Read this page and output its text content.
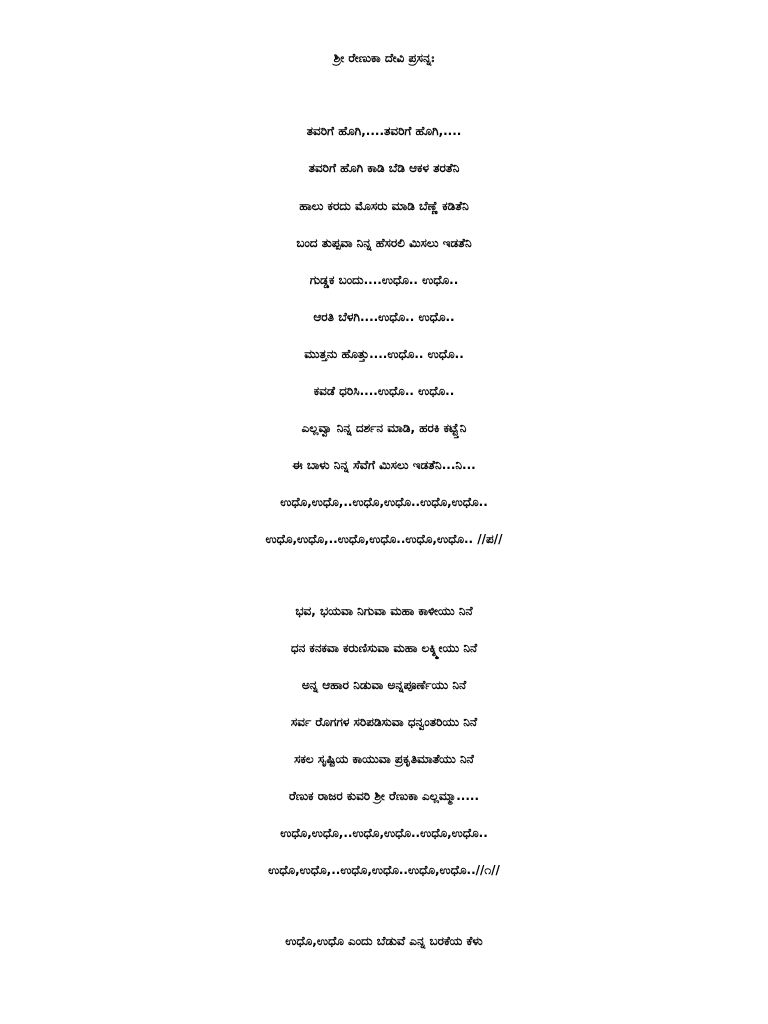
ಶ್ರೀ ರೇಣುಕಾ ದೇವಿ ಪ್ರಸನ್ನಃ
ತವರಿಗೆ ಹೊಗಿ,....ತವರಿಗೆ ಹೊಗಿ,....
ತವರಿಗೆ ಹೊಗಿ ಕಾಡಿ ಬೆಡಿ ಆಕಳ ತರತೆನಿ
ಹಾಲು ಕರದು ಮೊಸರು ಮಾಡಿ ಬೆಣ್ಣೆ ಕಡಿತೆನಿ
ಬಂದ ತುಪ್ಪವಾ ನಿನ್ನ ಹೆಸರಲಿ ಮಿಸಲು ಇಡತೆನಿ
ಗುಡ್ಡಕ ಬಂದು....ಉಧೊ.. ಉಧೊ..
ಆರತಿ ಬೆಳಗಿ....ಉಧೊ.. ಉಧೊ..
ಮುತ್ತನು ಹೊತ್ತು....ಉಧೊ.. ಉಧೊ..
ಕವಡೆ ಧರಿಸಿ....ಉಧೊ.. ಉಧೊ..
ಎಲ್ಲವ್ವಾ ನಿನ್ನ ದರ್ಶನ ಮಾಡಿ, ಹರಕಿ ಕಟ್ಟ್ತೆನಿ
ಈ ಬಾಳು ನಿನ್ನ ಸೆವೆಗೆ ಮಿಸಲು ಇಡತೆನಿ...ನಿ...
ಉಧೊ,ಉಧೊ,..ಉಧೊ,ಉಧೊ..ಉಧೊ,ಉಧೊ..
ಉಧೊ,ಉಧೊ,..ಉಧೊ,ಉಧೊ..ಉಧೊ,ಉಧೊ.. //ಪ//
ಭವ, ಭಯವಾ ನಿಗುವಾ ಮಹಾ ಕಾಳೀಯು ನಿನೆ
ಧನ ಕನಕವಾ ಕರುಣಿಸುವಾ ಮಹಾ ಲಕ್ಶ್ಮೀಯು ನಿನೆ
ಅನ್ನ ಆಹಾರ ನಿಡುವಾ ಅನ್ನಪೂರ್ಣೆಯು ನಿನೆ
ಸರ್ವ ರೊಗಗಳ ಸರಿಪಡಿಸುವಾ ಧನ್ವಂತರಿಯು ನಿನೆ
ಸಕಲ ಸೃಷ್ಟಿಯ ಕಾಯುವಾ ಪ್ರಕೃತಿಮಾತೆಯು ನಿನೆ
ರೆಣುಕ ರಾಜರ ಕುವರಿ ಶ್ರೀ ರೆಣುಕಾ ಎಲ್ಲಮ್ಮಾ.....
ಉಧೊ,ಉಧೊ,..ಉಧೊ,ಉಧೊ..ಉಧೊ,ಉಧೊ..
ಉಧೊ,ಉಧೊ,..ಉಧೊ,ಉಧೊ..ಉಧೊ,ಉಧೊ..//೧//
ಉಧೊ,ಉಧೊ ಎಂದು ಬೆಡುವೆ ಎನ್ನ ಬರಕೆಯ ಕೆಳು
